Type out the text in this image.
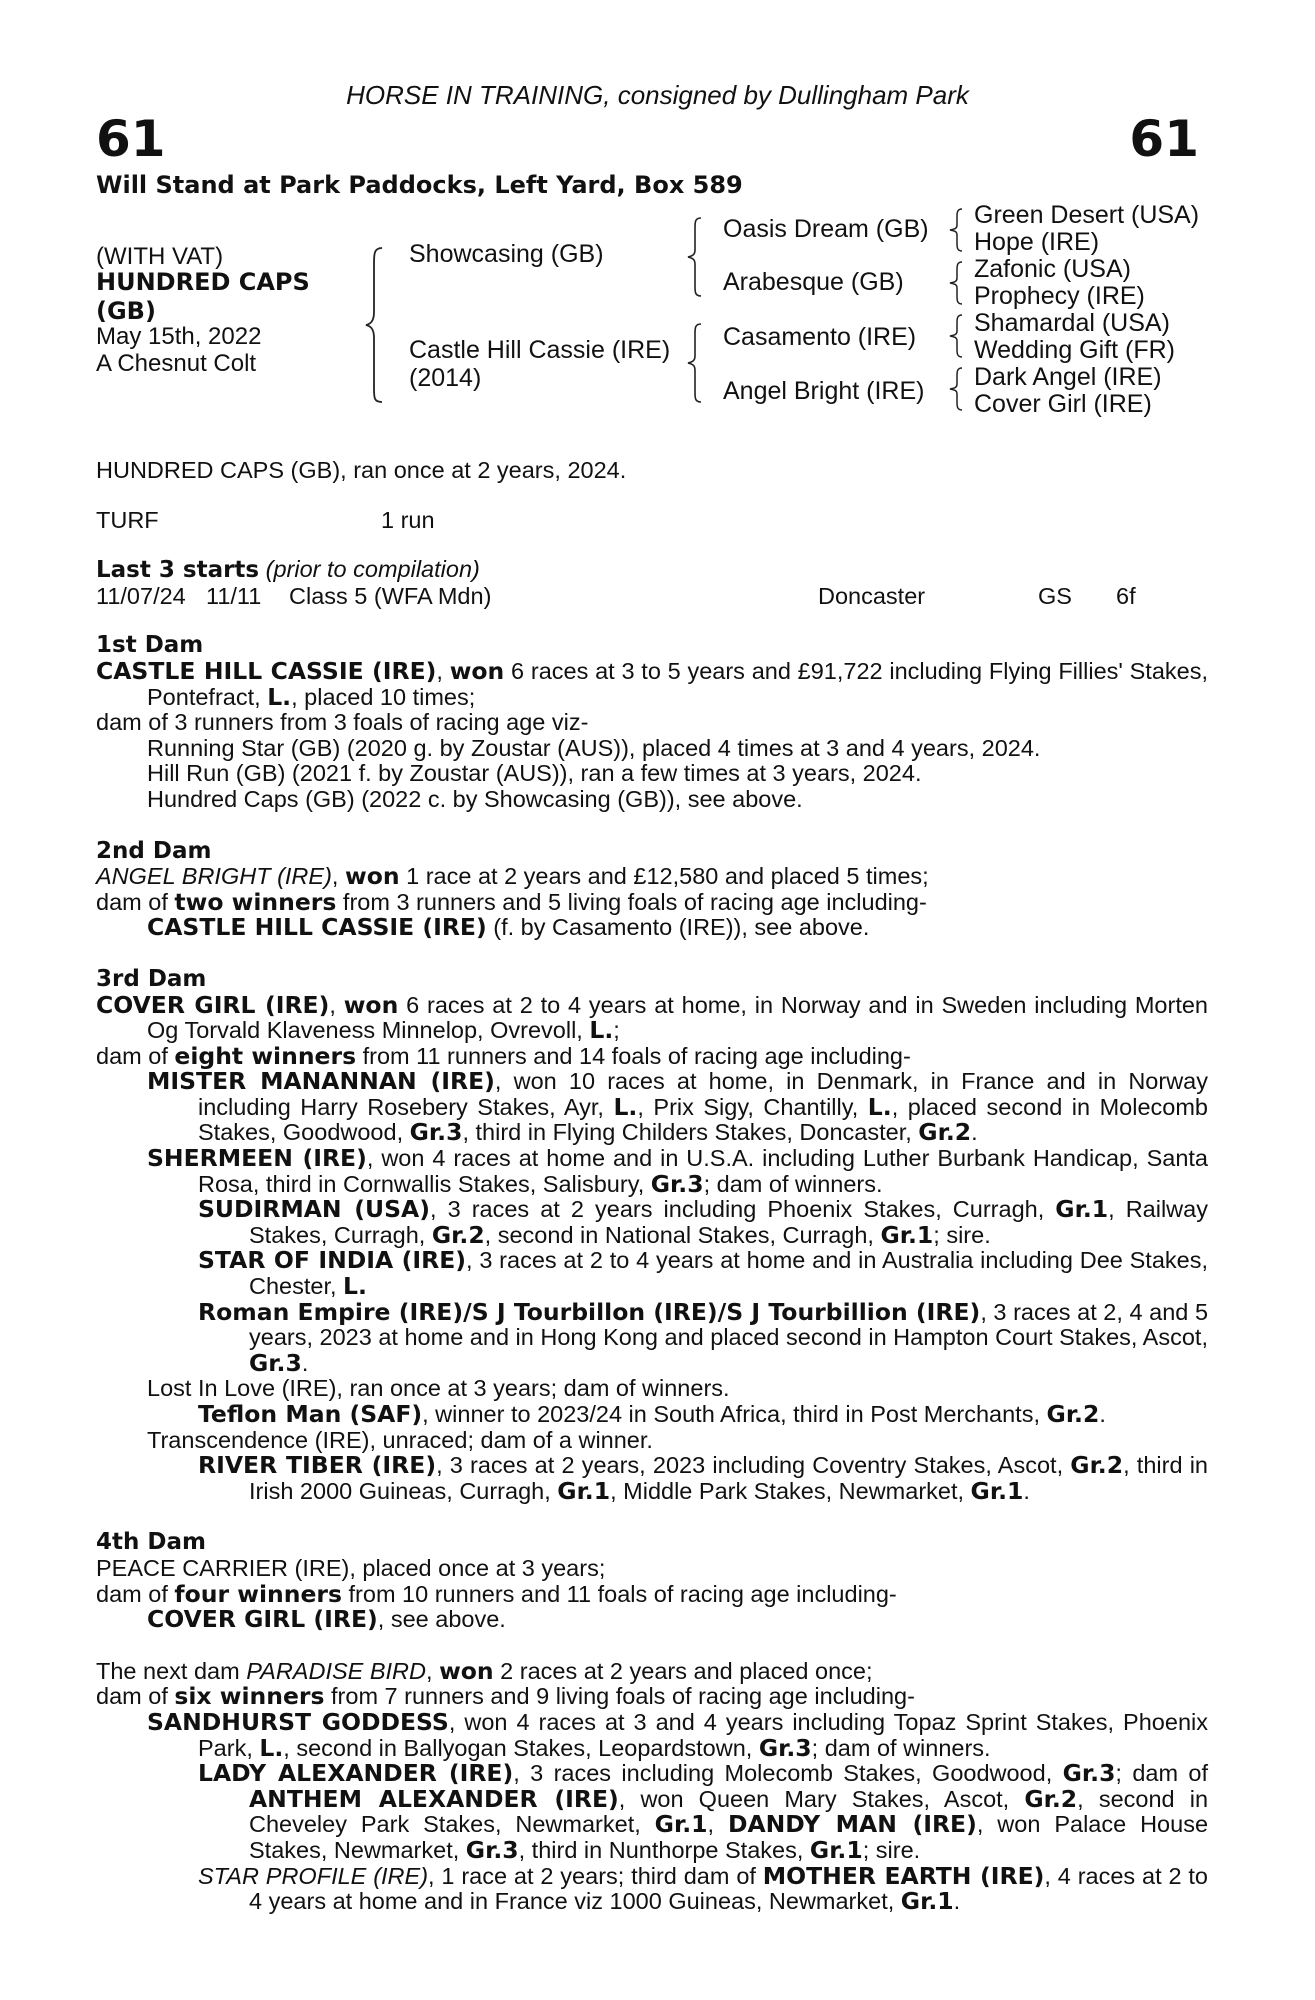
HORSE IN TRAINING, consigned by Dullingham Park
61	61
Will Stand at Park Paddocks, Left Yard, Box 589
(WITH VAT)
HUNDRED CAPS
(GB)
May 15th, 2022
A Chesnut Colt
Showcasing (GB)
Castle Hill Cassie (IRE)
(2014)
Oasis Dream (GB)
Arabesque (GB)
Casamento (IRE)
Angel Bright (IRE)
Green Desert (USA)
Hope (IRE)
Zafonic (USA)
Prophecy (IRE)
Shamardal (USA)
Wedding Gift (FR)
Dark Angel (IRE)
Cover Girl (IRE)

HUNDRED CAPS (GB), ran once at 2 years, 2024.

TURF	1 run

Last 3 starts (prior to compilation)

11/07/24 11/11 Class 5 (WFA Mdn)	Doncaster	GS 6f

1st Dam

CASTLE HILL CASSIE (IRE), won 6 races at 3 to 5 years and £91,722 including Flying Fillies' Stakes, Pontefract, L., placed 10 times;

dam of 3 runners from 3 foals of racing age viz-

Running Star (GB) (2020 g. by Zoustar (AUS)), placed 4 times at 3 and 4 years, 2024.

Hill Run (GB) (2021 f. by Zoustar (AUS)), ran a few times at 3 years, 2024.

Hundred Caps (GB) (2022 c. by Showcasing (GB)), see above.

2nd Dam

ANGEL BRIGHT (IRE), won 1 race at 2 years and £12,580 and placed 5 times;

dam of two winners from 3 runners and 5 living foals of racing age including-

CASTLE HILL CASSIE (IRE) (f. by Casamento (IRE)), see above.

3rd Dam

COVER GIRL (IRE), won 6 races at 2 to 4 years at home, in Norway and in Sweden including Morten Og Torvald Klaveness Minnelop, Ovrevoll, L.;

dam of eight winners from 11 runners and 14 foals of racing age including-

MISTER MANANNAN (IRE), won 10 races at home, in Denmark, in France and in Norway including Harry Rosebery Stakes, Ayr, L., Prix Sigy, Chantilly, L., placed second in Molecomb Stakes, Goodwood, Gr.3, third in Flying Childers Stakes, Doncaster, Gr.2.

SHERMEEN (IRE), won 4 races at home and in U.S.A. including Luther Burbank Handicap, Santa Rosa, third in Cornwallis Stakes, Salisbury, Gr.3; dam of winners.

SUDIRMAN (USA), 3 races at 2 years including Phoenix Stakes, Curragh, Gr.1, Railway Stakes, Curragh, Gr.2, second in National Stakes, Curragh, Gr.1; sire.

STAR OF INDIA (IRE), 3 races at 2 to 4 years at home and in Australia including Dee Stakes, Chester, L.

Roman Empire (IRE)/S J Tourbillon (IRE)/S J Tourbillion (IRE), 3 races at 2, 4 and 5 years, 2023 at home and in Hong Kong and placed second in Hampton Court Stakes, Ascot, Gr.3.

Lost In Love (IRE), ran once at 3 years; dam of winners.

Teflon Man (SAF), winner to 2023/24 in South Africa, third in Post Merchants, Gr.2.

Transcendence (IRE), unraced; dam of a winner.

RIVER TIBER (IRE), 3 races at 2 years, 2023 including Coventry Stakes, Ascot, Gr.2, third in Irish 2000 Guineas, Curragh, Gr.1, Middle Park Stakes, Newmarket, Gr.1.

4th Dam

PEACE CARRIER (IRE), placed once at 3 years;

dam of four winners from 10 runners and 11 foals of racing age including-

COVER GIRL (IRE), see above.

The next dam PARADISE BIRD, won 2 races at 2 years and placed once;

dam of six winners from 7 runners and 9 living foals of racing age including-

SANDHURST GODDESS, won 4 races at 3 and 4 years including Topaz Sprint Stakes, Phoenix Park, L., second in Ballyogan Stakes, Leopardstown, Gr.3; dam of winners.

LADY ALEXANDER (IRE), 3 races including Molecomb Stakes, Goodwood, Gr.3; dam of ANTHEM ALEXANDER (IRE), won Queen Mary Stakes, Ascot, Gr.2, second in Cheveley Park Stakes, Newmarket, Gr.1, DANDY MAN (IRE), won Palace House Stakes, Newmarket, Gr.3, third in Nunthorpe Stakes, Gr.1; sire.

STAR PROFILE (IRE), 1 race at 2 years; third dam of MOTHER EARTH (IRE), 4 races at 2 to 4 years at home and in France viz 1000 Guineas, Newmarket, Gr.1.
